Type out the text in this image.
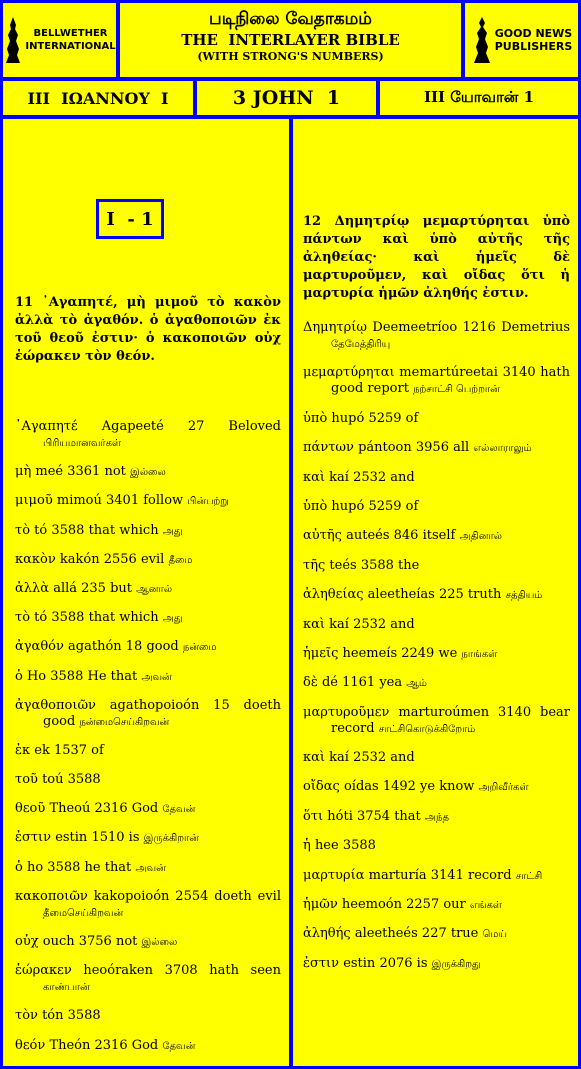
BELLWETHER
INTERNATIONAL
படிநிலை வேதாகமம்
THE  INTERLAYER BIBLE
(WITH STRONG'S NUMBERS)
GOOD NEWS
PUBLISHERS
III  ΙΩΑΝΝΟΥ  Ι	3 JOHN  1	III யோவான் 1
I  - 1
11 ᾿Αγαπητέ, μὴ μιμοῦ τὸ κακὸν ἀλλὰ τὸ ἀγαθόν. ὁ ἀγαθοποιῶν ἐκ τοῦ θεοῦ ἐστιν· ὁ κακοποιῶν οὐχ ἑώρακεν τὸν θεόν.
᾿Αγαπητέ Agapeeté 27 Beloved பிரியமானவர்கள்
μὴ meé 3361 not இல்லை
μιμοῦ mimoú 3401 follow பின்பற்று
τὸ tó 3588 that which அது
κακὸν kakón 2556 evil தீமை
ἀλλὰ allá 235 but ஆனால்
τὸ tó 3588 that which அது
ἀγαθόν agathón 18 good நன்மை
ὁ Ho 3588 He that அவன்
ἀγαθοποιῶν agathopoioón 15 doeth good நன்மைசெய்கிறவன்
ἐκ ek 1537 of
τοῦ toú 3588
θεοῦ Theoú 2316 God தேவன்
ἐστιν estin 1510 is இருக்கிறான்
ὁ ho 3588 he that அவன்
κακοποιῶν kakopoioón 2554 doeth evil தீமைசெய்கிறவன்
οὐχ ouch 3756 not இல்லை
ἑώρακεν heoóraken 3708 hath seen காண்பான்
τὸν tón 3588
θεόν Theón 2316 God தேவன்
12 Δημητρίῳ μεμαρτύρηται ὑπὸ πάντων καὶ ὑπὸ αὐτῆς τῆς ἀληθείας· καὶ ἡμεῖς δὲ μαρτυροῦμεν, καὶ οἴδας ὅτι ἡ μαρτυρία ἡμῶν ἀληθής ἐστιν.
Δημητρίῳ Deemeetríoo 1216 Demetrius தேமேத்திரியு
μεμαρτύρηται memartúreetai 3140 hath good report நற்சாட்சி பெற்றான்
ὑπὸ hupó 5259 of
πάντων pántoon 3956 all எல்லாராலும்
καὶ kaí 2532 and
ὑπὸ hupó 5259 of
αὐτῆς auteés 846 itself அதினால்
τῆς teés 3588 the
ἀληθείας aleetheías 225 truth சத்தியம்
καὶ kaí 2532 and
ἡμεῖς heemeís 2249 we நாங்கள்
δὲ dé 1161 yea ஆம்
μαρτυροῦμεν marturoúmen 3140 bear record சாட்சிகொடுக்கிறோம்
καὶ kaí 2532 and
οἴδας oídas 1492 ye know அறிவீர்கள்
ὅτι hóti 3754 that அந்த
ἡ hee 3588
μαρτυρία marturía 3141 record சாட்சி
ἡμῶν heemoón 2257 our எங்கள்
ἀληθής aleetheés 227 true மெய்
ἐστιν estin 2076 is இருக்கிறது
